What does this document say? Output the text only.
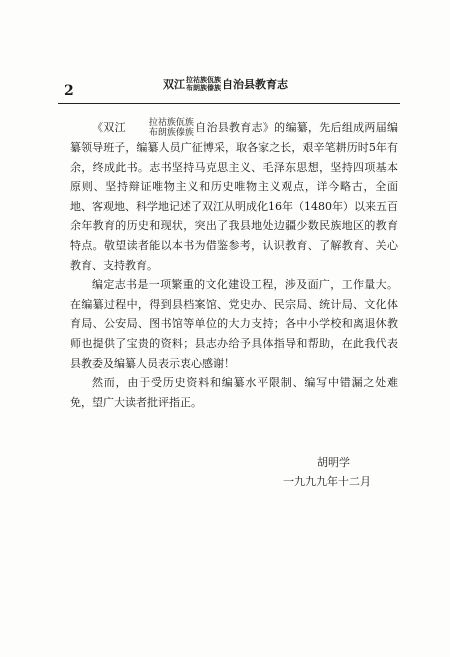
2	双江 拉祜族佤族
布朗族傣族 自治县教育志

《双江	拉祜族佤族
布朗族傣族 自治县教育志》的编纂，先后组成两届编纂领导班子，编纂人员广征博采，取各家之长，艰辛笔耕历时5年有余，终成此书。志书坚持马克思主义、毛泽东思想，坚持四项基本原则、坚持辩证唯物主义和历史唯物主义观点，详今略古，全面地、客观地、科学地记述了双江从明成化16年（1480年）以来五百余年教育的历史和现状，突出了我县地处边疆少数民族地区的教育特点。敬望读者能以本书为借鉴参考，认识教育、了解教育、关心教育、支持教育。

编定志书是一项繁重的文化建设工程，涉及面广，工作量大。在编纂过程中，得到县档案馆、党史办、民宗局、统计局、文化体育局、公安局、图书馆等单位的大力支持；各中小学校和离退休教师也提供了宝贵的资料；县志办给予具体指导和帮助，在此我代表县教委及编纂人员表示衷心感谢！

然而，由于受历史资料和编纂水平限制、编写中错漏之处难免，望广大读者批评指正。

胡明学
一九九九年十二月
